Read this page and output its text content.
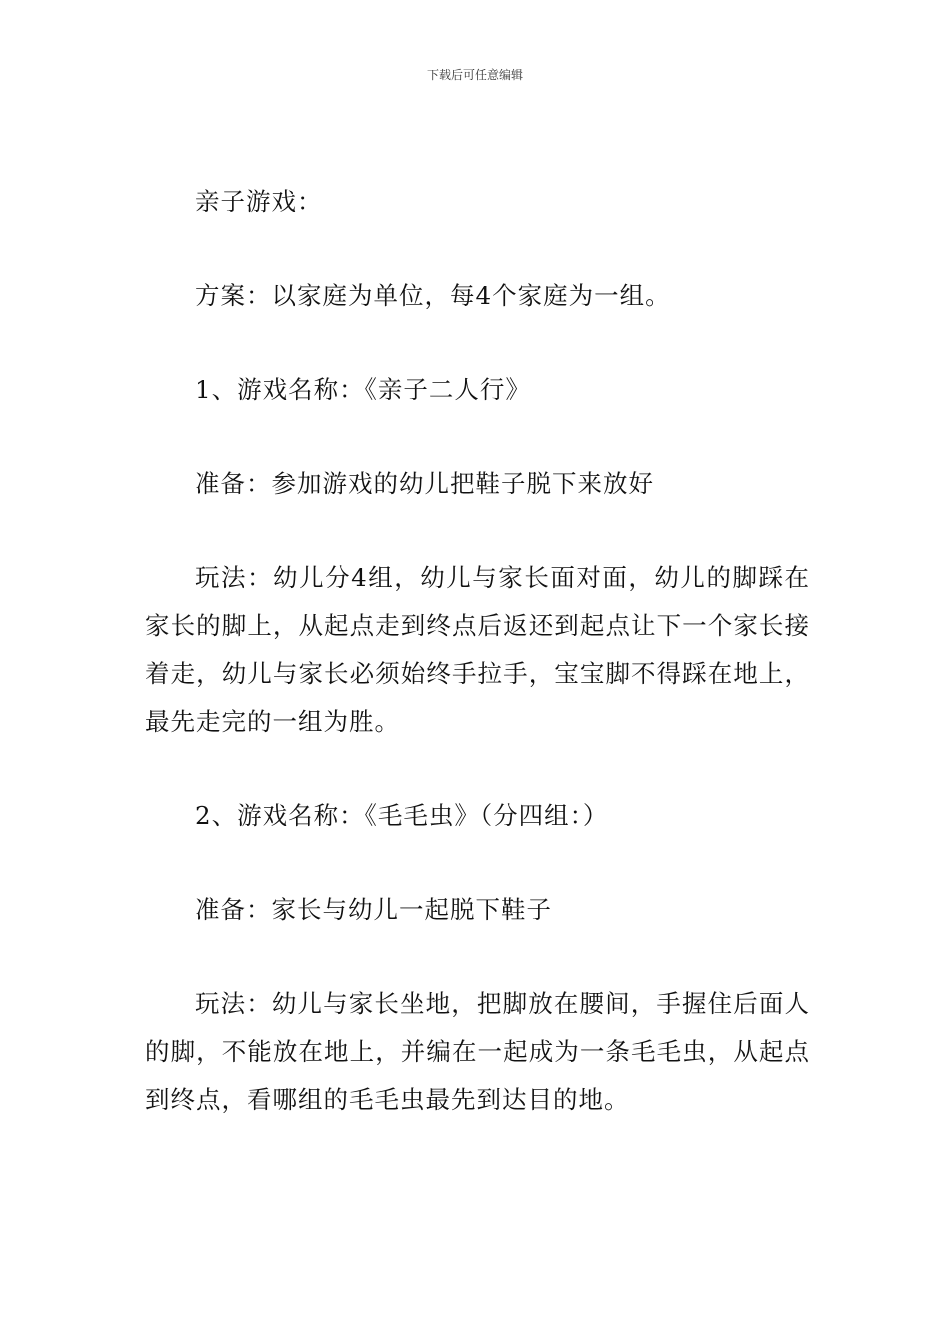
下载后可任意编辑

亲子游戏：

方案：以家庭为单位，每4个家庭为一组。

1、游戏名称：《亲子二人行》

准备：参加游戏的幼儿把鞋子脱下来放好

玩法：幼儿分4组，幼儿与家长面对面，幼儿的脚踩在家长的脚上，从起点走到终点后返还到起点让下一个家长接着走，幼儿与家长必须始终手拉手，宝宝脚不得踩在地上，最先走完的一组为胜。

2、游戏名称：《毛毛虫》（分四组：）

准备：家长与幼儿一起脱下鞋子

玩法：幼儿与家长坐地，把脚放在腰间，手握住后面人的脚，不能放在地上，并编在一起成为一条毛毛虫，从起点到终点，看哪组的毛毛虫最先到达目的地。
